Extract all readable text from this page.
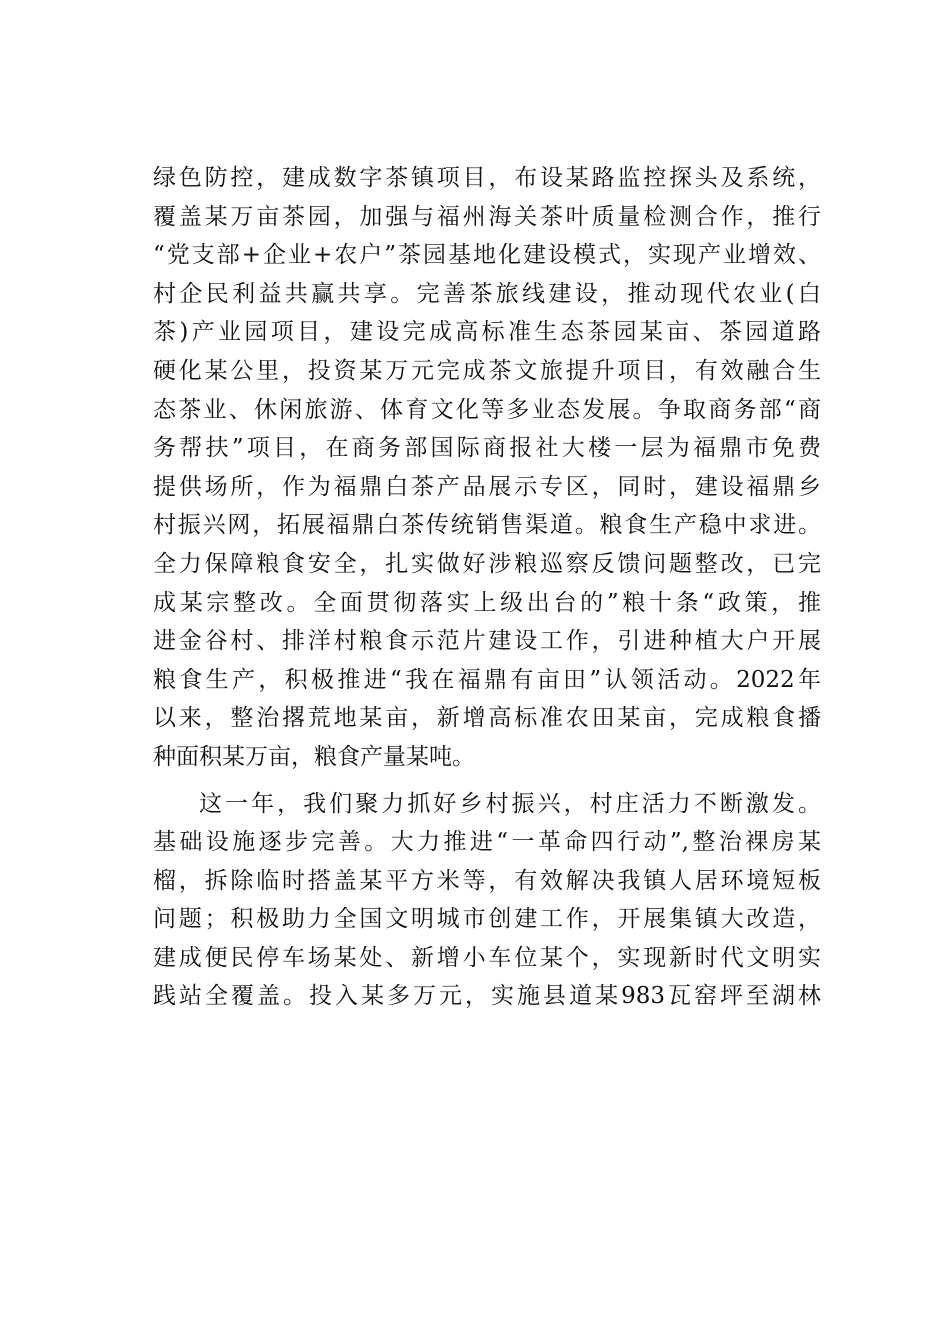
绿色防控，建成数字茶镇项目，布设某路监控探头及系统，
覆盖某万亩茶园，加强与福州海关茶叶质量检测合作，推行
“党支部+企业+农户”茶园基地化建设模式，实现产业增效、
村企民利益共赢共享。完善茶旅线建设，推动现代农业(白
茶)产业园项目，建设完成高标准生态茶园某亩、茶园道路
硬化某公里，投资某万元完成茶文旅提升项目，有效融合生
态茶业、休闲旅游、体育文化等多业态发展。争取商务部“商
务帮扶”项目，在商务部国际商报社大楼一层为福鼎市免费
提供场所，作为福鼎白茶产品展示专区，同时，建设福鼎乡
村振兴网，拓展福鼎白茶传统销售渠道。粮食生产稳中求进。
全力保障粮食安全，扎实做好涉粮巡察反馈问题整改，已完
成某宗整改。全面贯彻落实上级出台的”粮十条“政策，推
进金谷村、排洋村粮食示范片建设工作，引进种植大户开展
粮食生产，积极推进“我在福鼎有亩田”认领活动。2022年
以来，整治撂荒地某亩，新增高标准农田某亩，完成粮食播
种面积某万亩，粮食产量某吨。
这一年，我们聚力抓好乡村振兴，村庄活力不断激发。
基础设施逐步完善。大力推进“一革命四行动”,整治裸房某
榴，拆除临时搭盖某平方米等，有效解决我镇人居环境短板
问题；积极助力全国文明城市创建工作，开展集镇大改造，
建成便民停车场某处、新增小车位某个，实现新时代文明实
践站全覆盖。投入某多万元，实施县道某983瓦窑坪至湖林
